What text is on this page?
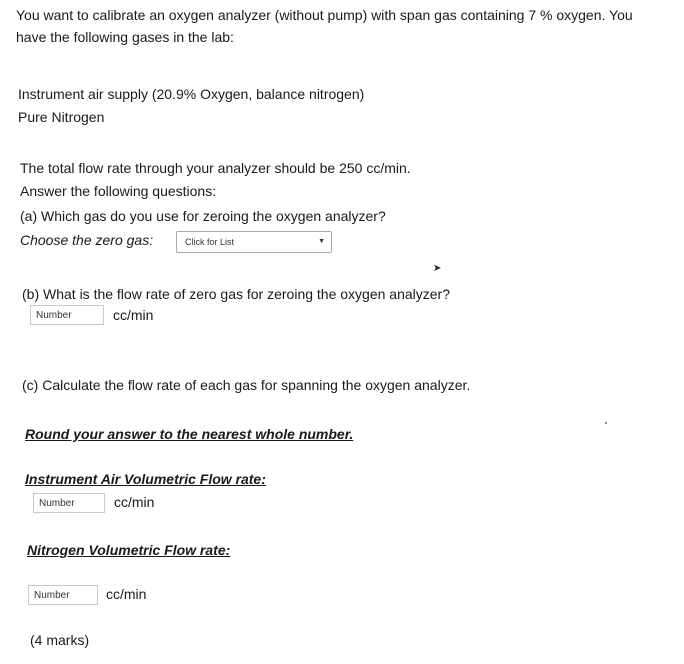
You want to calibrate an oxygen analyzer (without pump) with span gas containing 7 % oxygen. You
have the following gases in the lab:
Instrument air supply (20.9% Oxygen, balance nitrogen)
Pure Nitrogen
The total flow rate through your analyzer should be 250 cc/min.
Answer the following questions:
(a) Which gas do you use for zeroing the oxygen analyzer?
Choose the zero gas:	Click for List	▼
➤
(b) What is the flow rate of zero gas for zeroing the oxygen analyzer?
Number	cc/min
(c) Calculate the flow rate of each gas for spanning the oxygen analyzer.
Round your answer to the nearest whole number.
Instrument Air Volumetric Flow rate:
Number	cc/min
Nitrogen Volumetric Flow rate:
Number	cc/min
(4 marks)
